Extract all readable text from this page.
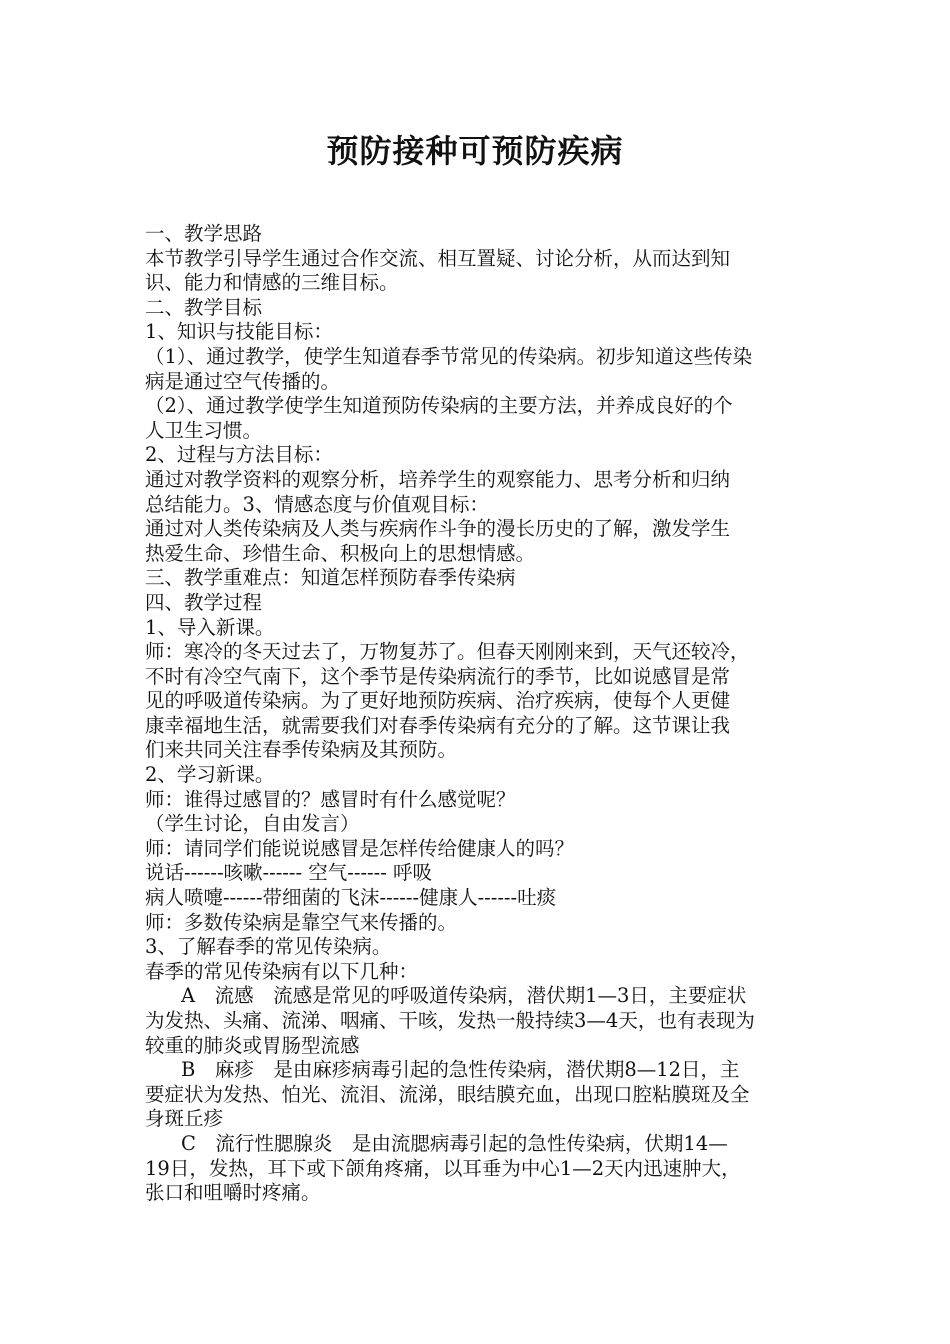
预防接种可预防疾病
一、教学思路
本节教学引导学生通过合作交流、相互置疑、讨论分析，从而达到知
识、能力和情感的三维目标。
二、教学目标
1、知识与技能目标：
（1）、通过教学，使学生知道春季节常见的传染病。初步知道这些传染
病是通过空气传播的。
（2）、通过教学使学生知道预防传染病的主要方法，并养成良好的个
人卫生习惯。
2、过程与方法目标：
通过对教学资料的观察分析，培养学生的观察能力、思考分析和归纳
总结能力。3、情感态度与价值观目标：
通过对人类传染病及人类与疾病作斗争的漫长历史的了解，激发学生
热爱生命、珍惜生命、积极向上的思想情感。
三、教学重难点：知道怎样预防春季传染病
四、教学过程
1、导入新课。
师：寒冷的冬天过去了，万物复苏了。但春天刚刚来到，天气还较冷，
不时有冷空气南下，这个季节是传染病流行的季节，比如说感冒是常
见的呼吸道传染病。为了更好地预防疾病、治疗疾病，使每个人更健
康幸福地生活，就需要我们对春季传染病有充分的了解。这节课让我
们来共同关注春季传染病及其预防。
2、学习新课。
师：谁得过感冒的？感冒时有什么感觉呢？
（学生讨论，自由发言）
师：请同学们能说说感冒是怎样传给健康人的吗？
说话------咳嗽------ 空气------ 呼吸
病人喷嚏------带细菌的飞沫------健康人------吐痰
师：多数传染病是靠空气来传播的。
3、了解春季的常见传染病。
春季的常见传染病有以下几种：
A　流感　流感是常见的呼吸道传染病，潜伏期1—3日，主要症状
为发热、头痛、流涕、咽痛、干咳，发热一般持续3—4天，也有表现为
较重的肺炎或胃肠型流感
B　麻疹　是由麻疹病毒引起的急性传染病，潜伏期8—12日，主
要症状为发热、怕光、流泪、流涕，眼结膜充血，出现口腔粘膜斑及全
身斑丘疹
C　流行性腮腺炎　是由流腮病毒引起的急性传染病，伏期14—
19日，发热，耳下或下颌角疼痛，以耳垂为中心1—2天内迅速肿大，
张口和咀嚼时疼痛。
